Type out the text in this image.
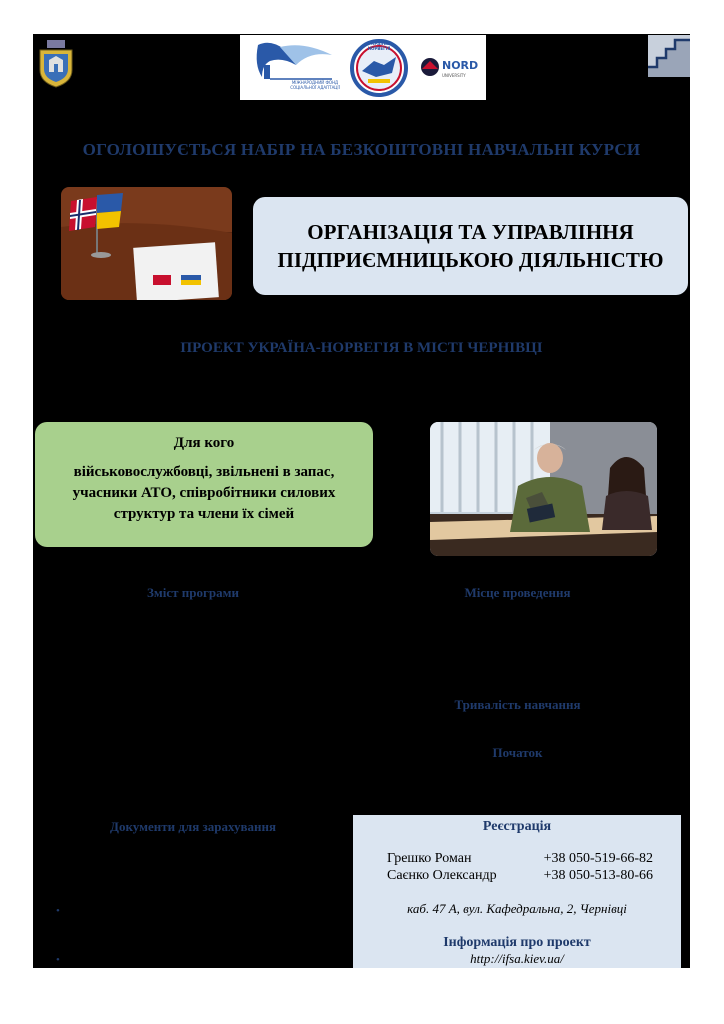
МІЖНАРОДНИЙ ФОНД СОЦІАЛЬНОЇ АДАПТАЦІЇ
УКРАЇНА-НОРВЕГІЯ
NORD
UNIVERSITY
ОГОЛОШУЄТЬСЯ НАБІР НА БЕЗКОШТОВНІ НАВЧАЛЬНІ КУРСИ
ОРГАНІЗАЦІЯ ТА УПРАВЛІННЯ
ПІДПРИЄМНИЦЬКОЮ ДІЯЛЬНІСТЮ
ПРОЕКТ УКРАЇНА-НОРВЕГІЯ В МІСТІ ЧЕРНІВЦІ
Для кого
військовослужбовці, звільнені в запас, учасники АТО, співробітники силових структур та члени їх сімей
Зміст програми	Місце проведення
Тривалість навчання
Початок
Документи для зарахування
•
•
Реєстрація
Грешко Роман	+38 050-519-66-82
Саєнко Олександр	+38 050-513-80-66
каб. 47 А, вул. Кафедральна, 2, Чернівці
Інформація про проект
http://ifsa.kiev.ua/
